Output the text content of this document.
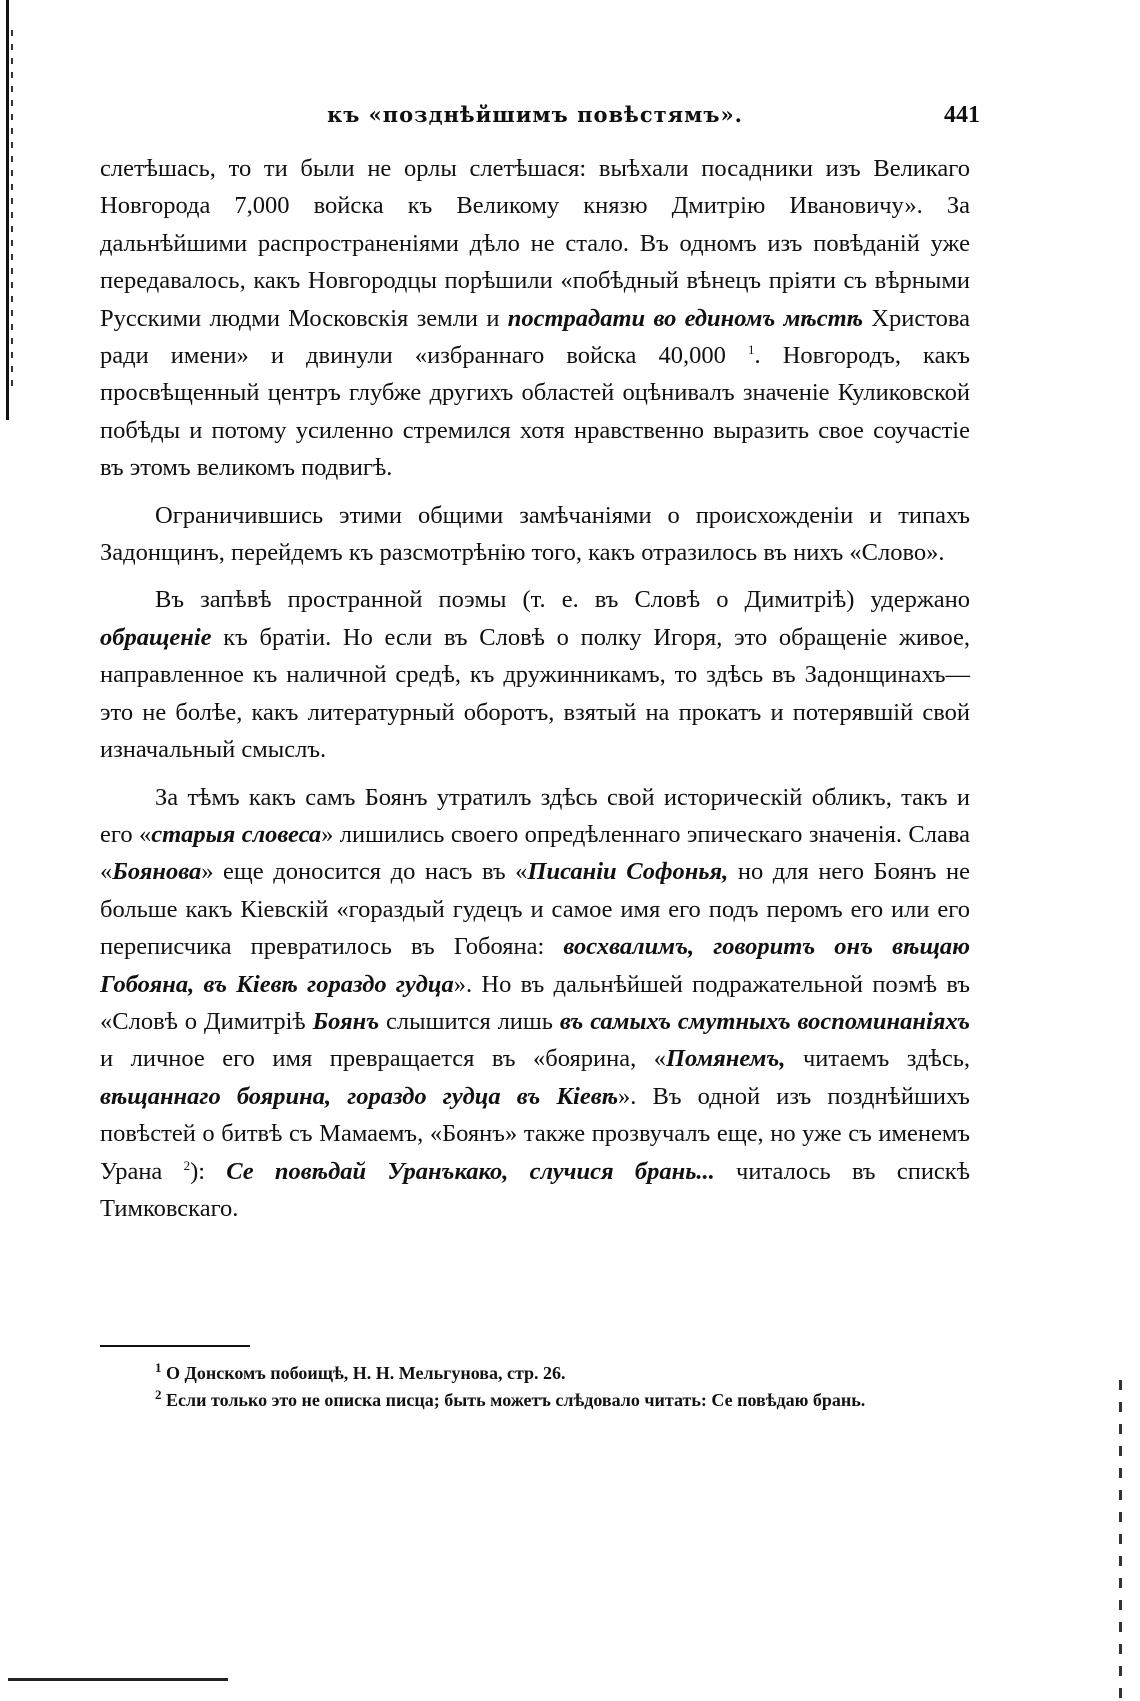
къ «позднѣйшимъ повѣстямъ».	441

слетѣшась, то ти были не орлы слетѣшася: выѣхали посадники изъ Великаго Новгорода 7,000 войска къ Великому князю Дмитрію Ивановичу». За дальнѣйшими распространеніями дѣло не стало. Въ одномъ изъ повѣданій уже передавалось, какъ Новгородцы порѣшили «побѣдный вѣнецъ пріяти съ вѣрными Русскими людми Московскія земли и пострадати во единомъ мѣстѣ Христова ради имени» и двинули «избраннаго войска 40,000 $^1$. Новгородъ, какъ просвѣщенный центръ глубже другихъ областей оцѣнивалъ значеніе Куликовской побѣды и потому усиленно стремился хотя нравственно выразить свое соучастіе въ этомъ великомъ подвигѣ.

Ограничившись этими общими замѣчаніями о происхожденіи и типахъ Задонщинъ, перейдемъ къ разсмотрѣнію того, какъ отразилось въ нихъ «Слово».

Въ запѣвѣ пространной поэмы (т. е. въ Словѣ о Димитріѣ) удержано обращеніе къ братіи. Но если въ Словѣ о полку Игоря, это обращеніе живое, направленное къ наличной средѣ, къ дружинникамъ, то здѣсь въ Задонщинахъ—это не болѣе, какъ литературный оборотъ, взятый на прокатъ и потерявшій свой изначальный смыслъ.

За тѣмъ какъ самъ Боянъ утратилъ здѣсь свой историческій обликъ, такъ и его «старыя словеса» лишились своего опредѣленнаго эпическаго значенія. Слава «Боянова» еще доносится до насъ въ «Писаніи Софонья, но для него Боянъ не больше какъ Кіевскій «гораздый гудецъ и самое имя его подъ перомъ его или его переписчика превратилось въ Гобояна: восхвалимъ, говоритъ онъ вѣщаю Гобояна, въ Кіевѣ гораздо гудца». Но въ дальнѣйшей подражательной поэмѣ въ «Словѣ о Димитріѣ Боянъ слышится лишь въ самыхъ смутныхъ воспоминаніяхъ и личное его имя превращается въ «боярина, «Помянемъ, читаемъ здѣсь, вѣщаннаго боярина, гораздо гудца въ Кіевѣ». Въ одной изъ позднѣйшихъ повѣстей о битвѣ съ Мамаемъ, «Боянъ» также прозвучалъ еще, но уже съ именемъ Урана $^2$): Се повѣдай Уранъкако, случися брань... читалось въ спискѣ Тимковскаго.

$^1$ О Донскомъ побоищѣ, Н. Н. Мельгунова, стр. 26.

$^2$ Если только это не описка писца; быть можетъ слѣдовало читать: Се повѣдаю брань.
